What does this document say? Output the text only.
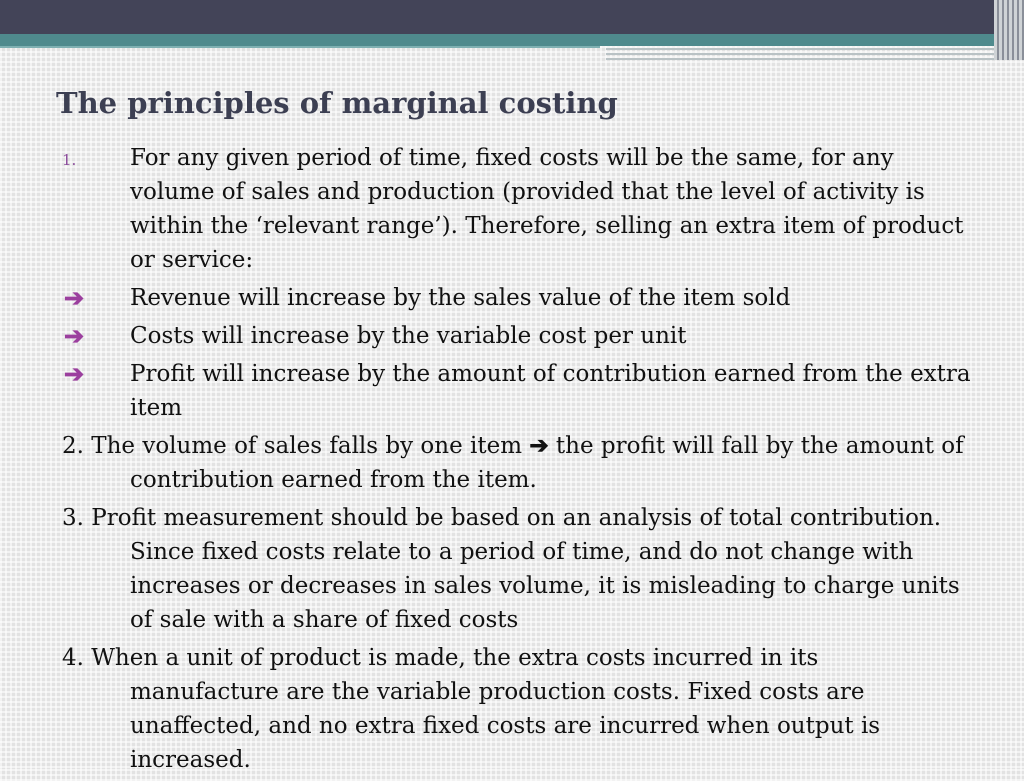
The principles of marginal costing
1. For any given period of time, fixed costs will be the same, for any volume of sales and production (provided that the level of activity is within the ‘relevant range’). Therefore, selling an extra item of product or service:
➔ Revenue will increase by the sales value of the item sold
➔ Costs will increase by the variable cost per unit
➔ Profit will increase by the amount of contribution earned from the extra item
2. The volume of sales falls by one item ➔ the profit will fall by the amount of contribution earned from the item.
3. Profit measurement should be based on an analysis of total contribution. Since fixed costs relate to a period of time, and do not change with increases or decreases in sales volume, it is misleading to charge units of sale with a share of fixed costs
4. When a unit of product is made, the extra costs incurred in its manufacture are the variable production costs. Fixed costs are unaffected, and no extra fixed costs are incurred when output is increased.
